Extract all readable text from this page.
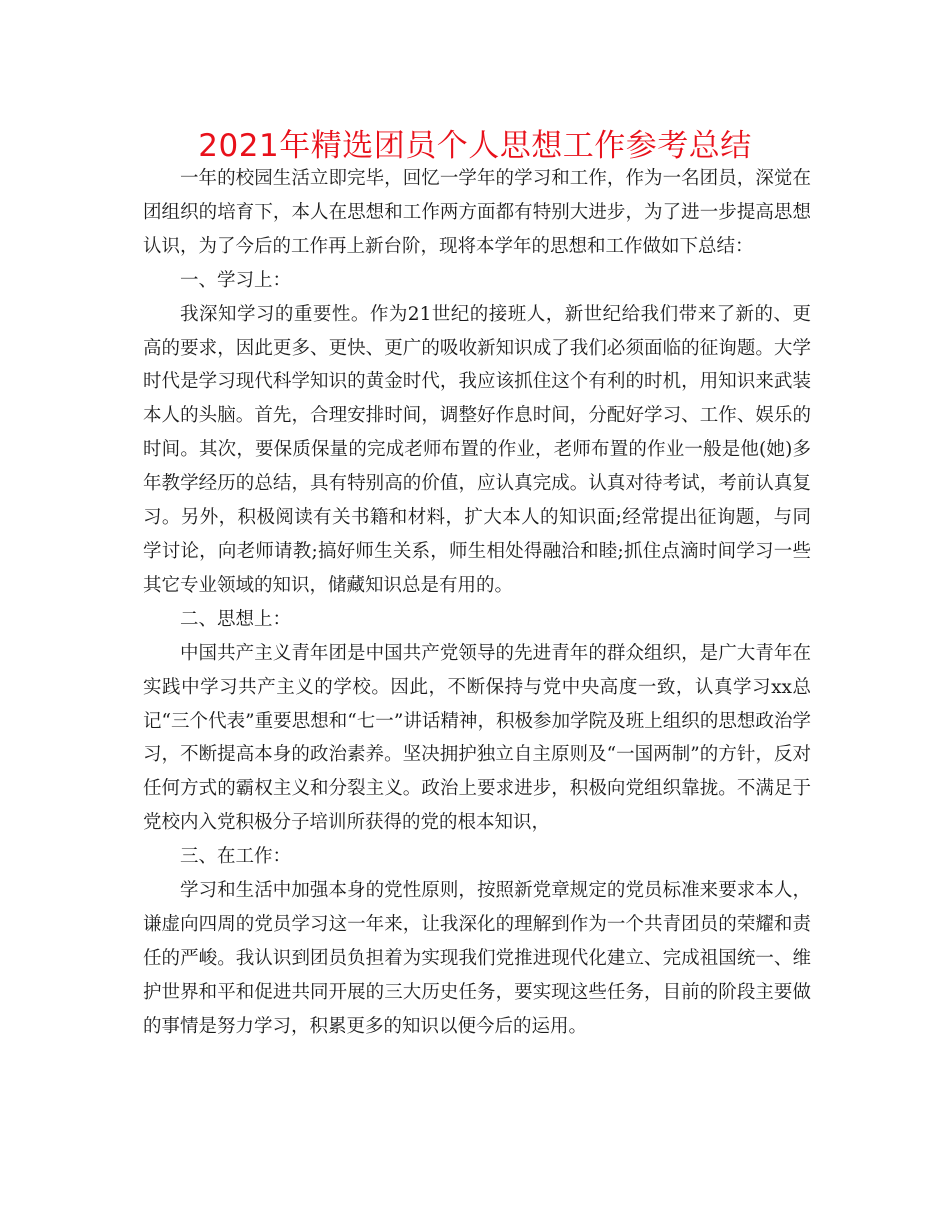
2021年精选团员个人思想工作参考总结

一年的校园生活立即完毕，回忆一学年的学习和工作，作为一名团员，深觉在团组织的培育下，本人在思想和工作两方面都有特别大进步，为了进一步提高思想认识，为了今后的工作再上新台阶，现将本学年的思想和工作做如下总结：

一、学习上：

我深知学习的重要性。作为21世纪的接班人，新世纪给我们带来了新的、更高的要求，因此更多、更快、更广的吸收新知识成了我们必须面临的征询题。大学时代是学习现代科学知识的黄金时代，我应该抓住这个有利的时机，用知识来武装本人的头脑。首先，合理安排时间，调整好作息时间，分配好学习、工作、娱乐的时间。其次，要保质保量的完成老师布置的作业，老师布置的作业一般是他(她)多年教学经历的总结，具有特别高的价值，应认真完成。认真对待考试，考前认真复习。另外，积极阅读有关书籍和材料，扩大本人的知识面;经常提出征询题，与同学讨论，向老师请教;搞好师生关系，师生相处得融洽和睦;抓住点滴时间学习一些其它专业领域的知识，储藏知识总是有用的。

二、思想上：

中国共产主义青年团是中国共产党领导的先进青年的群众组织，是广大青年在实践中学习共产主义的学校。因此，不断保持与党中央高度一致，认真学习xx总记“三个代表”重要思想和“七一”讲话精神，积极参加学院及班上组织的思想政治学习，不断提高本身的政治素养。坚决拥护独立自主原则及“一国两制”的方针，反对任何方式的霸权主义和分裂主义。政治上要求进步，积极向党组织靠拢。不满足于党校内入党积极分子培训所获得的党的根本知识，

三、在工作：

学习和生活中加强本身的党性原则，按照新党章规定的党员标准来要求本人，谦虚向四周的党员学习这一年来，让我深化的理解到作为一个共青团员的荣耀和责任的严峻。我认识到团员负担着为实现我们党推进现代化建立、完成祖国统一、维护世界和平和促进共同开展的三大历史任务，要实现这些任务，目前的阶段主要做的事情是努力学习，积累更多的知识以便今后的运用。
